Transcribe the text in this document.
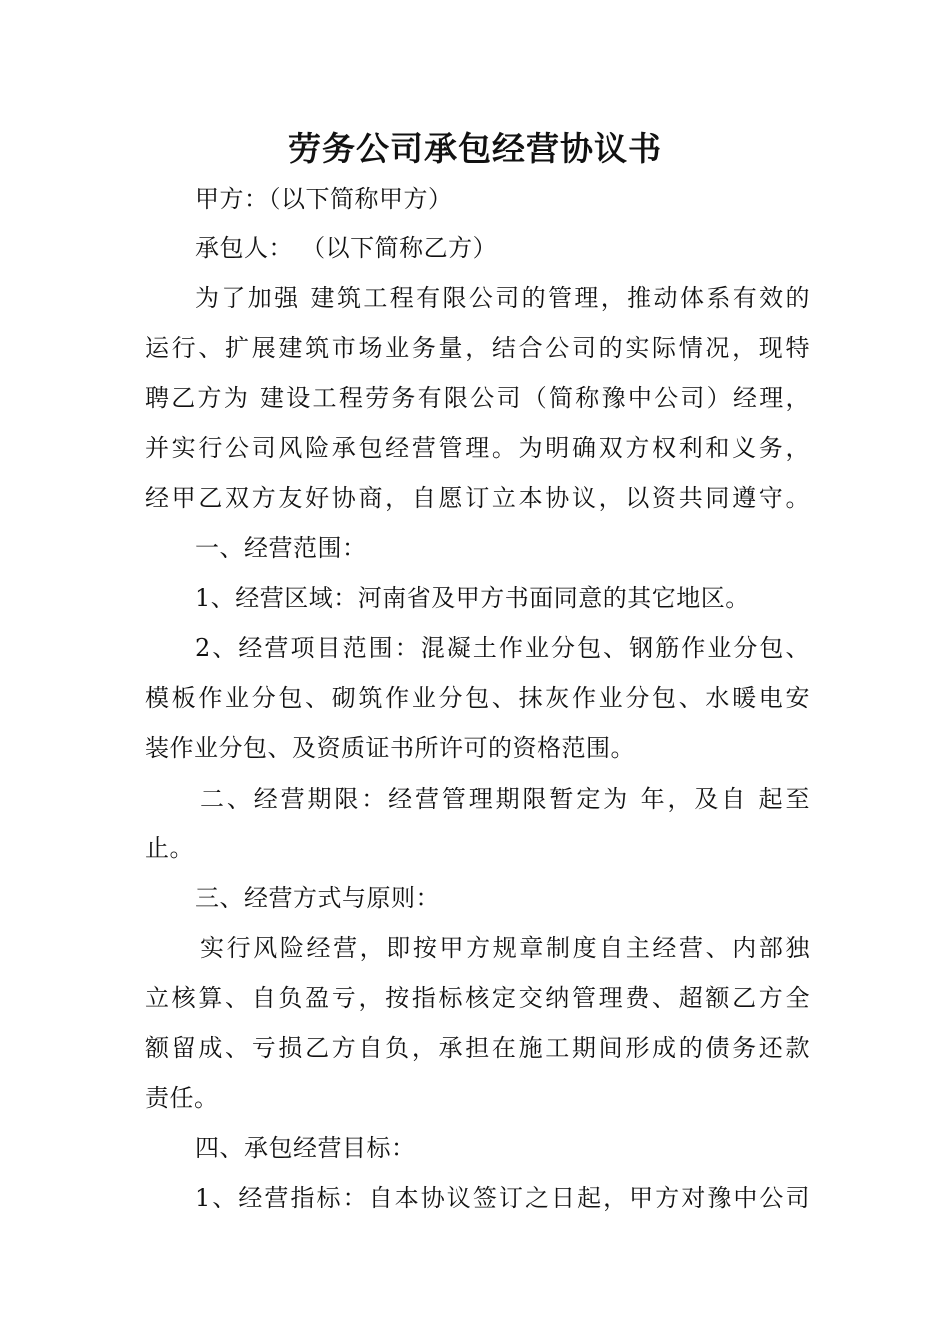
劳务公司承包经营协议书

甲方：（以下简称甲方）

承包人： （以下简称乙方）

为了加强 建筑工程有限公司的管理，推动体系有效的

运行、扩展建筑市场业务量，结合公司的实际情况，现特

聘乙方为 建设工程劳务有限公司（简称豫中公司）经理，

并实行公司风险承包经营管理。为明确双方权利和义务，

经甲乙双方友好协商，自愿订立本协议，以资共同遵守。

一、经营范围：

1、经营区域：河南省及甲方书面同意的其它地区。

2、经营项目范围：混凝土作业分包、钢筋作业分包、

模板作业分包、砌筑作业分包、抹灰作业分包、水暖电安

装作业分包、及资质证书所许可的资格范围。

二、经营期限：经营管理期限暂定为 年，及自 起至

止。

三、经营方式与原则：

实行风险经营，即按甲方规章制度自主经营、内部独

立核算、自负盈亏，按指标核定交纳管理费、超额乙方全

额留成、亏损乙方自负，承担在施工期间形成的债务还款

责任。

四、承包经营目标：

1、经营指标：自本协议签订之日起，甲方对豫中公司
